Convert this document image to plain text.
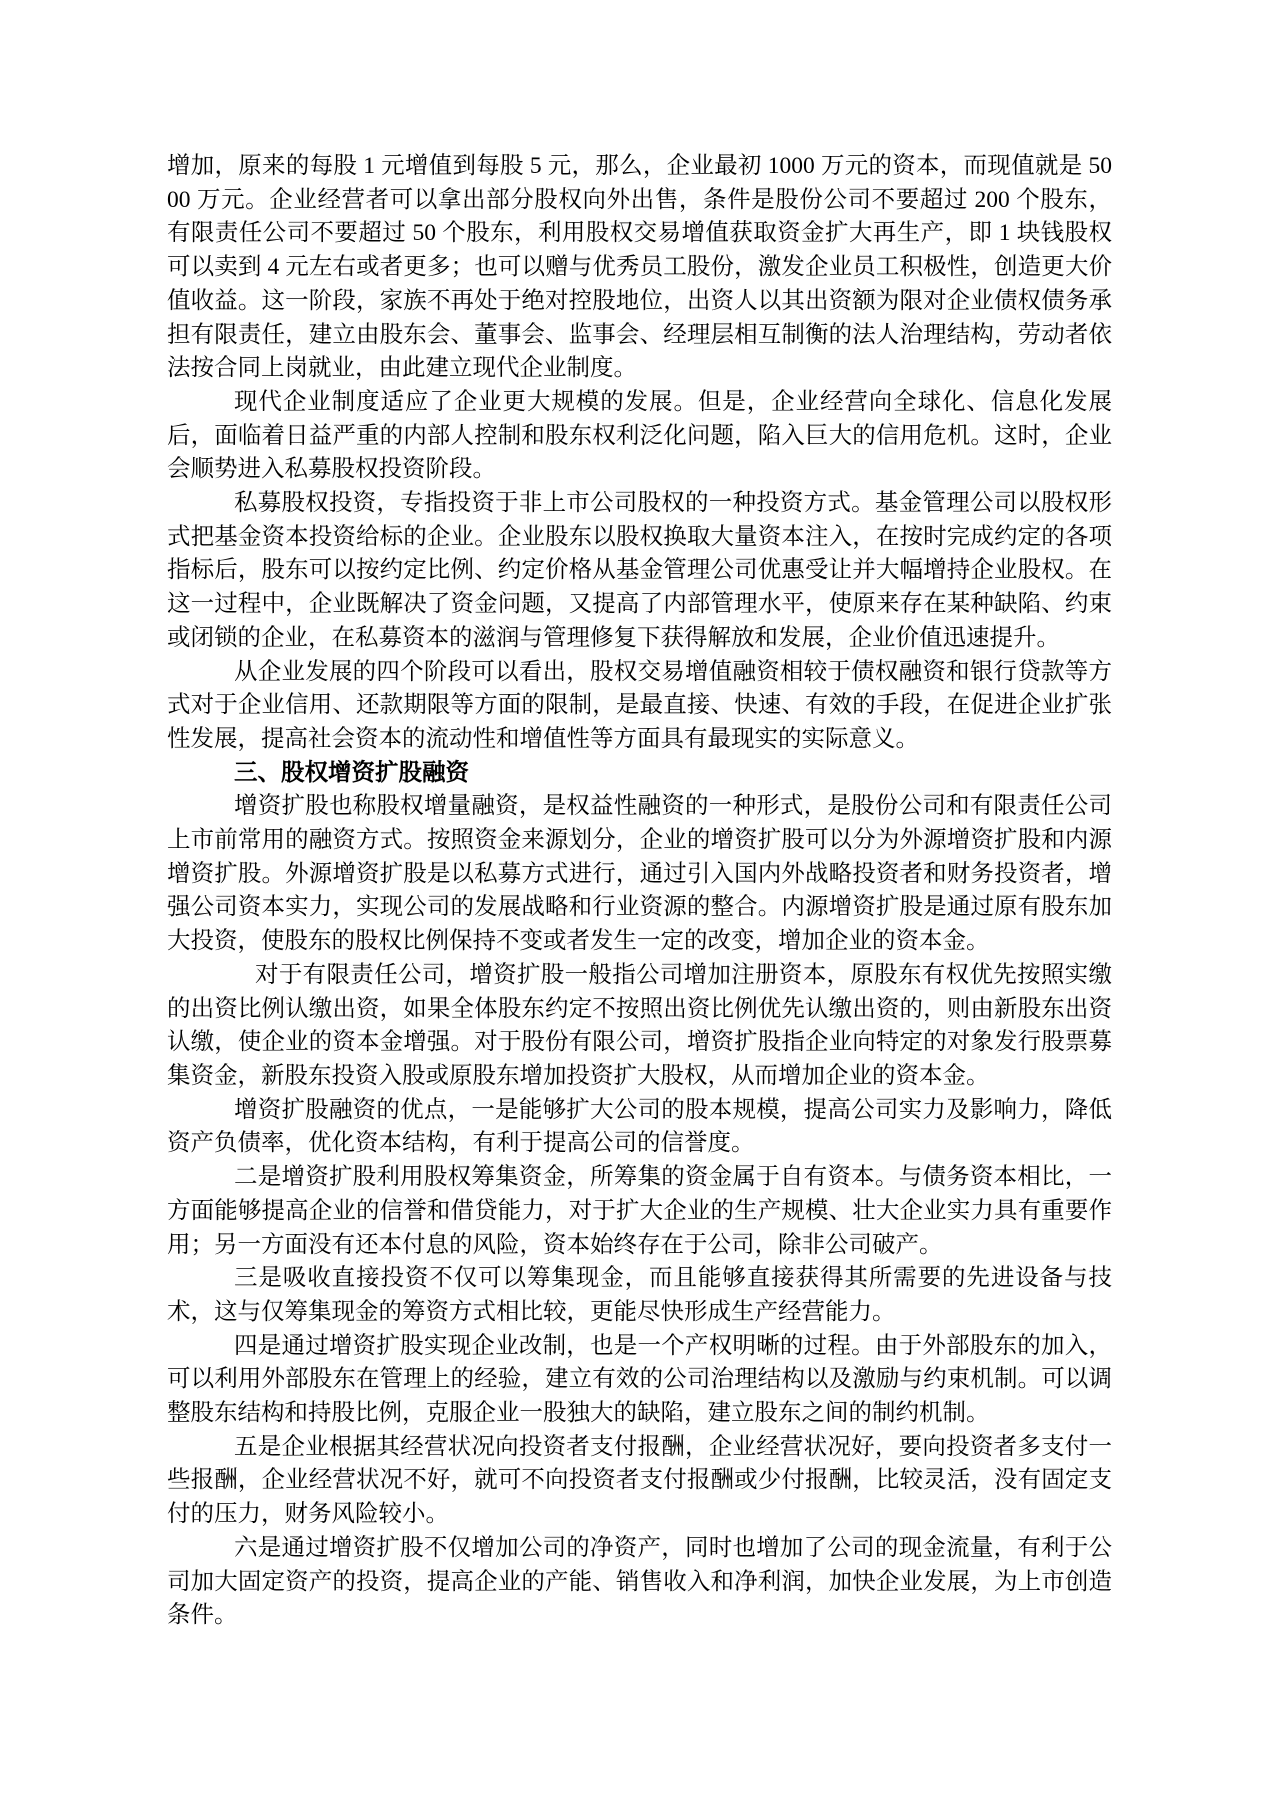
增加，原来的每股 1 元增值到每股 5 元，那么，企业最初 1000 万元的资本，而现值就是 5000 万元。企业经营者可以拿出部分股权向外出售，条件是股份公司不要超过 200 个股东，有限责任公司不要超过 50 个股东，利用股权交易增值获取资金扩大再生产，即 1 块钱股权可以卖到 4 元左右或者更多；也可以赠与优秀员工股份，激发企业员工积极性，创造更大价值收益。这一阶段，家族不再处于绝对控股地位，出资人以其出资额为限对企业债权债务承担有限责任，建立由股东会、董事会、监事会、经理层相互制衡的法人治理结构，劳动者依法按合同上岗就业，由此建立现代企业制度。

现代企业制度适应了企业更大规模的发展。但是，企业经营向全球化、信息化发展后，面临着日益严重的内部人控制和股东权利泛化问题，陷入巨大的信用危机。这时，企业会顺势进入私募股权投资阶段。

私募股权投资，专指投资于非上市公司股权的一种投资方式。基金管理公司以股权形式把基金资本投资给标的企业。企业股东以股权换取大量资本注入，在按时完成约定的各项指标后，股东可以按约定比例、约定价格从基金管理公司优惠受让并大幅增持企业股权。在这一过程中，企业既解决了资金问题，又提高了内部管理水平，使原来存在某种缺陷、约束或闭锁的企业，在私募资本的滋润与管理修复下获得解放和发展，企业价值迅速提升。

从企业发展的四个阶段可以看出，股权交易增值融资相较于债权融资和银行贷款等方式对于企业信用、还款期限等方面的限制，是最直接、快速、有效的手段，在促进企业扩张性发展，提高社会资本的流动性和增值性等方面具有最现实的实际意义。

三、股权增资扩股融资

增资扩股也称股权增量融资，是权益性融资的一种形式，是股份公司和有限责任公司上市前常用的融资方式。按照资金来源划分，企业的增资扩股可以分为外源增资扩股和内源增资扩股。外源增资扩股是以私募方式进行，通过引入国内外战略投资者和财务投资者，增强公司资本实力，实现公司的发展战略和行业资源的整合。内源增资扩股是通过原有股东加大投资，使股东的股权比例保持不变或者发生一定的改变，增加企业的资本金。

对于有限责任公司，增资扩股一般指公司增加注册资本，原股东有权优先按照实缴的出资比例认缴出资，如果全体股东约定不按照出资比例优先认缴出资的，则由新股东出资认缴，使企业的资本金增强。对于股份有限公司，增资扩股指企业向特定的对象发行股票募集资金，新股东投资入股或原股东增加投资扩大股权，从而增加企业的资本金。

增资扩股融资的优点，一是能够扩大公司的股本规模，提高公司实力及影响力，降低资产负债率，优化资本结构，有利于提高公司的信誉度。

二是增资扩股利用股权筹集资金，所筹集的资金属于自有资本。与债务资本相比，一方面能够提高企业的信誉和借贷能力，对于扩大企业的生产规模、壮大企业实力具有重要作用；另一方面没有还本付息的风险，资本始终存在于公司，除非公司破产。

三是吸收直接投资不仅可以筹集现金，而且能够直接获得其所需要的先进设备与技术，这与仅筹集现金的筹资方式相比较，更能尽快形成生产经营能力。

四是通过增资扩股实现企业改制，也是一个产权明晰的过程。由于外部股东的加入，可以利用外部股东在管理上的经验，建立有效的公司治理结构以及激励与约束机制。可以调整股东结构和持股比例，克服企业一股独大的缺陷，建立股东之间的制约机制。

五是企业根据其经营状况向投资者支付报酬，企业经营状况好，要向投资者多支付一些报酬，企业经营状况不好，就可不向投资者支付报酬或少付报酬，比较灵活，没有固定支付的压力，财务风险较小。

六是通过增资扩股不仅增加公司的净资产，同时也增加了公司的现金流量，有利于公司加大固定资产的投资，提高企业的产能、销售收入和净利润，加快企业发展，为上市创造条件。
